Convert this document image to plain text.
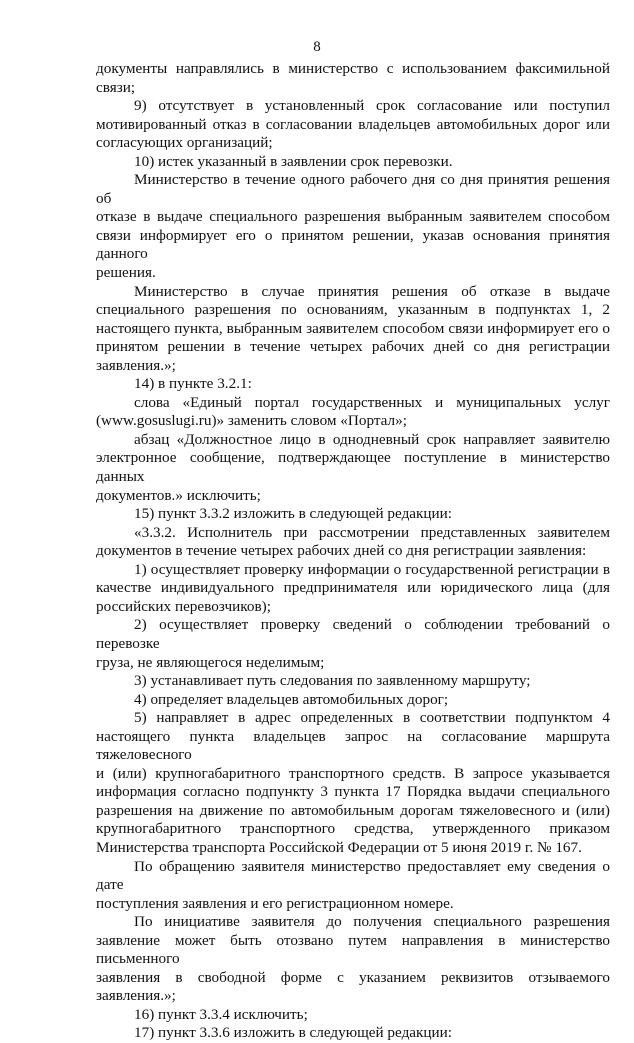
8

документы направлялись в министерство с использованием факсимильной

связи;

9) отсутствует в установленный срок согласование или поступил

мотивированный отказ в согласовании владельцев автомобильных дорог или

согласующих организаций;

10) истек указанный в заявлении срок перевозки.

Министерство в течение одного рабочего дня со дня принятия решения об

отказе в выдаче специального разрешения выбранным заявителем способом

связи информирует его о принятом решении, указав основания принятия данного

решения.

Министерство в случае принятия решения об отказе в выдаче

специального разрешения по основаниям, указанным в подпунктах 1, 2

настоящего пункта, выбранным заявителем способом связи информирует его о

принятом решении в течение четырех рабочих дней со дня регистрации

заявления.»;

14) в пункте 3.2.1:

слова «Единый портал государственных и муниципальных услуг

(www.gosuslugi.ru)» заменить словом «Портал»;

абзац «Должностное лицо в однодневный срок направляет заявителю

электронное сообщение, подтверждающее поступление в министерство данных

документов.» исключить;

15) пункт 3.3.2 изложить в следующей редакции:

«3.3.2. Исполнитель при рассмотрении представленных заявителем

документов в течение четырех рабочих дней со дня регистрации заявления:

1) осуществляет проверку информации о государственной регистрации в

качестве индивидуального предпринимателя или юридического лица (для

российских перевозчиков);

2) осуществляет проверку сведений о соблюдении требований о перевозке

груза, не являющегося неделимым;

3) устанавливает путь следования по заявленному маршруту;

4) определяет владельцев автомобильных дорог;

5) направляет в адрес определенных в соответствии подпунктом 4

настоящего пункта владельцев запрос на согласование маршрута тяжеловесного

и (или) крупногабаритного транспортного средств. В запросе указывается

информация согласно подпункту 3 пункта 17 Порядка выдачи специального

разрешения на движение по автомобильным дорогам тяжеловесного и (или)

крупногабаритного транспортного средства, утвержденного приказом

Министерства транспорта Российской Федерации от 5 июня 2019 г. № 167.

По обращению заявителя министерство предоставляет ему сведения о дате

поступления заявления и его регистрационном номере.

По инициативе заявителя до получения специального разрешения

заявление может быть отозвано путем направления в министерство письменного

заявления в свободной форме с указанием реквизитов отзываемого заявления.»;

16) пункт 3.3.4 исключить;

17) пункт 3.3.6 изложить в следующей редакции:
